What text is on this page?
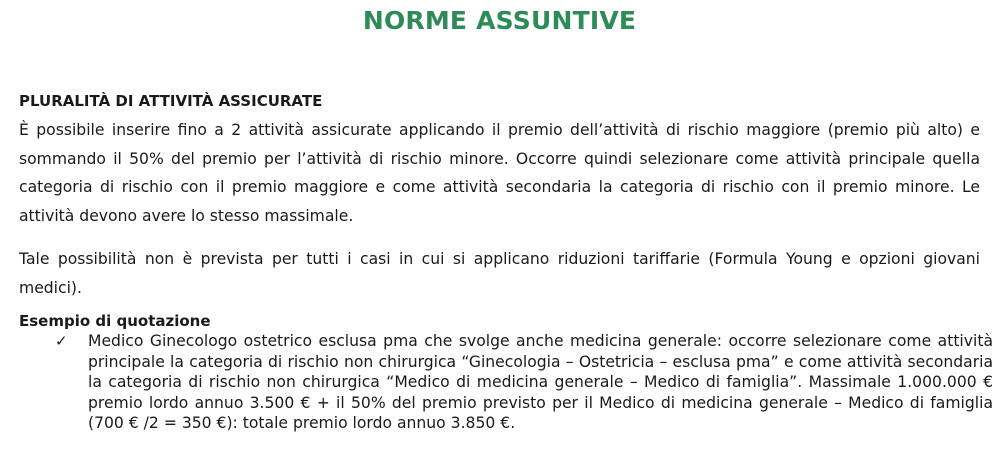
NORME ASSUNTIVE
PLURALITÀ DI ATTIVITÀ ASSICURATE
È possibile inserire fino a 2 attività assicurate applicando il premio dell’attività di rischio maggiore (premio più alto) e sommando il 50% del premio per l’attività di rischio minore. Occorre quindi selezionare come attività principale quella categoria di rischio con il premio maggiore e come attività secondaria la categoria di rischio con il premio minore. Le attività devono avere lo stesso massimale.
Tale possibilità non è prevista per tutti i casi in cui si applicano riduzioni tariffarie (Formula Young e opzioni giovani medici).
Esempio di quotazione
✓ Medico Ginecologo ostetrico esclusa pma che svolge anche medicina generale: occorre selezionare come attività principale la categoria di rischio non chirurgica “Ginecologia – Ostetricia – esclusa pma” e come attività secondaria la categoria di rischio non chirurgica “Medico di medicina generale – Medico di famiglia”. Massimale 1.000.000 € premio lordo annuo 3.500 € + il 50% del premio previsto per il Medico di medicina generale – Medico di famiglia (700 € /2 = 350 €): totale premio lordo annuo 3.850 €.
